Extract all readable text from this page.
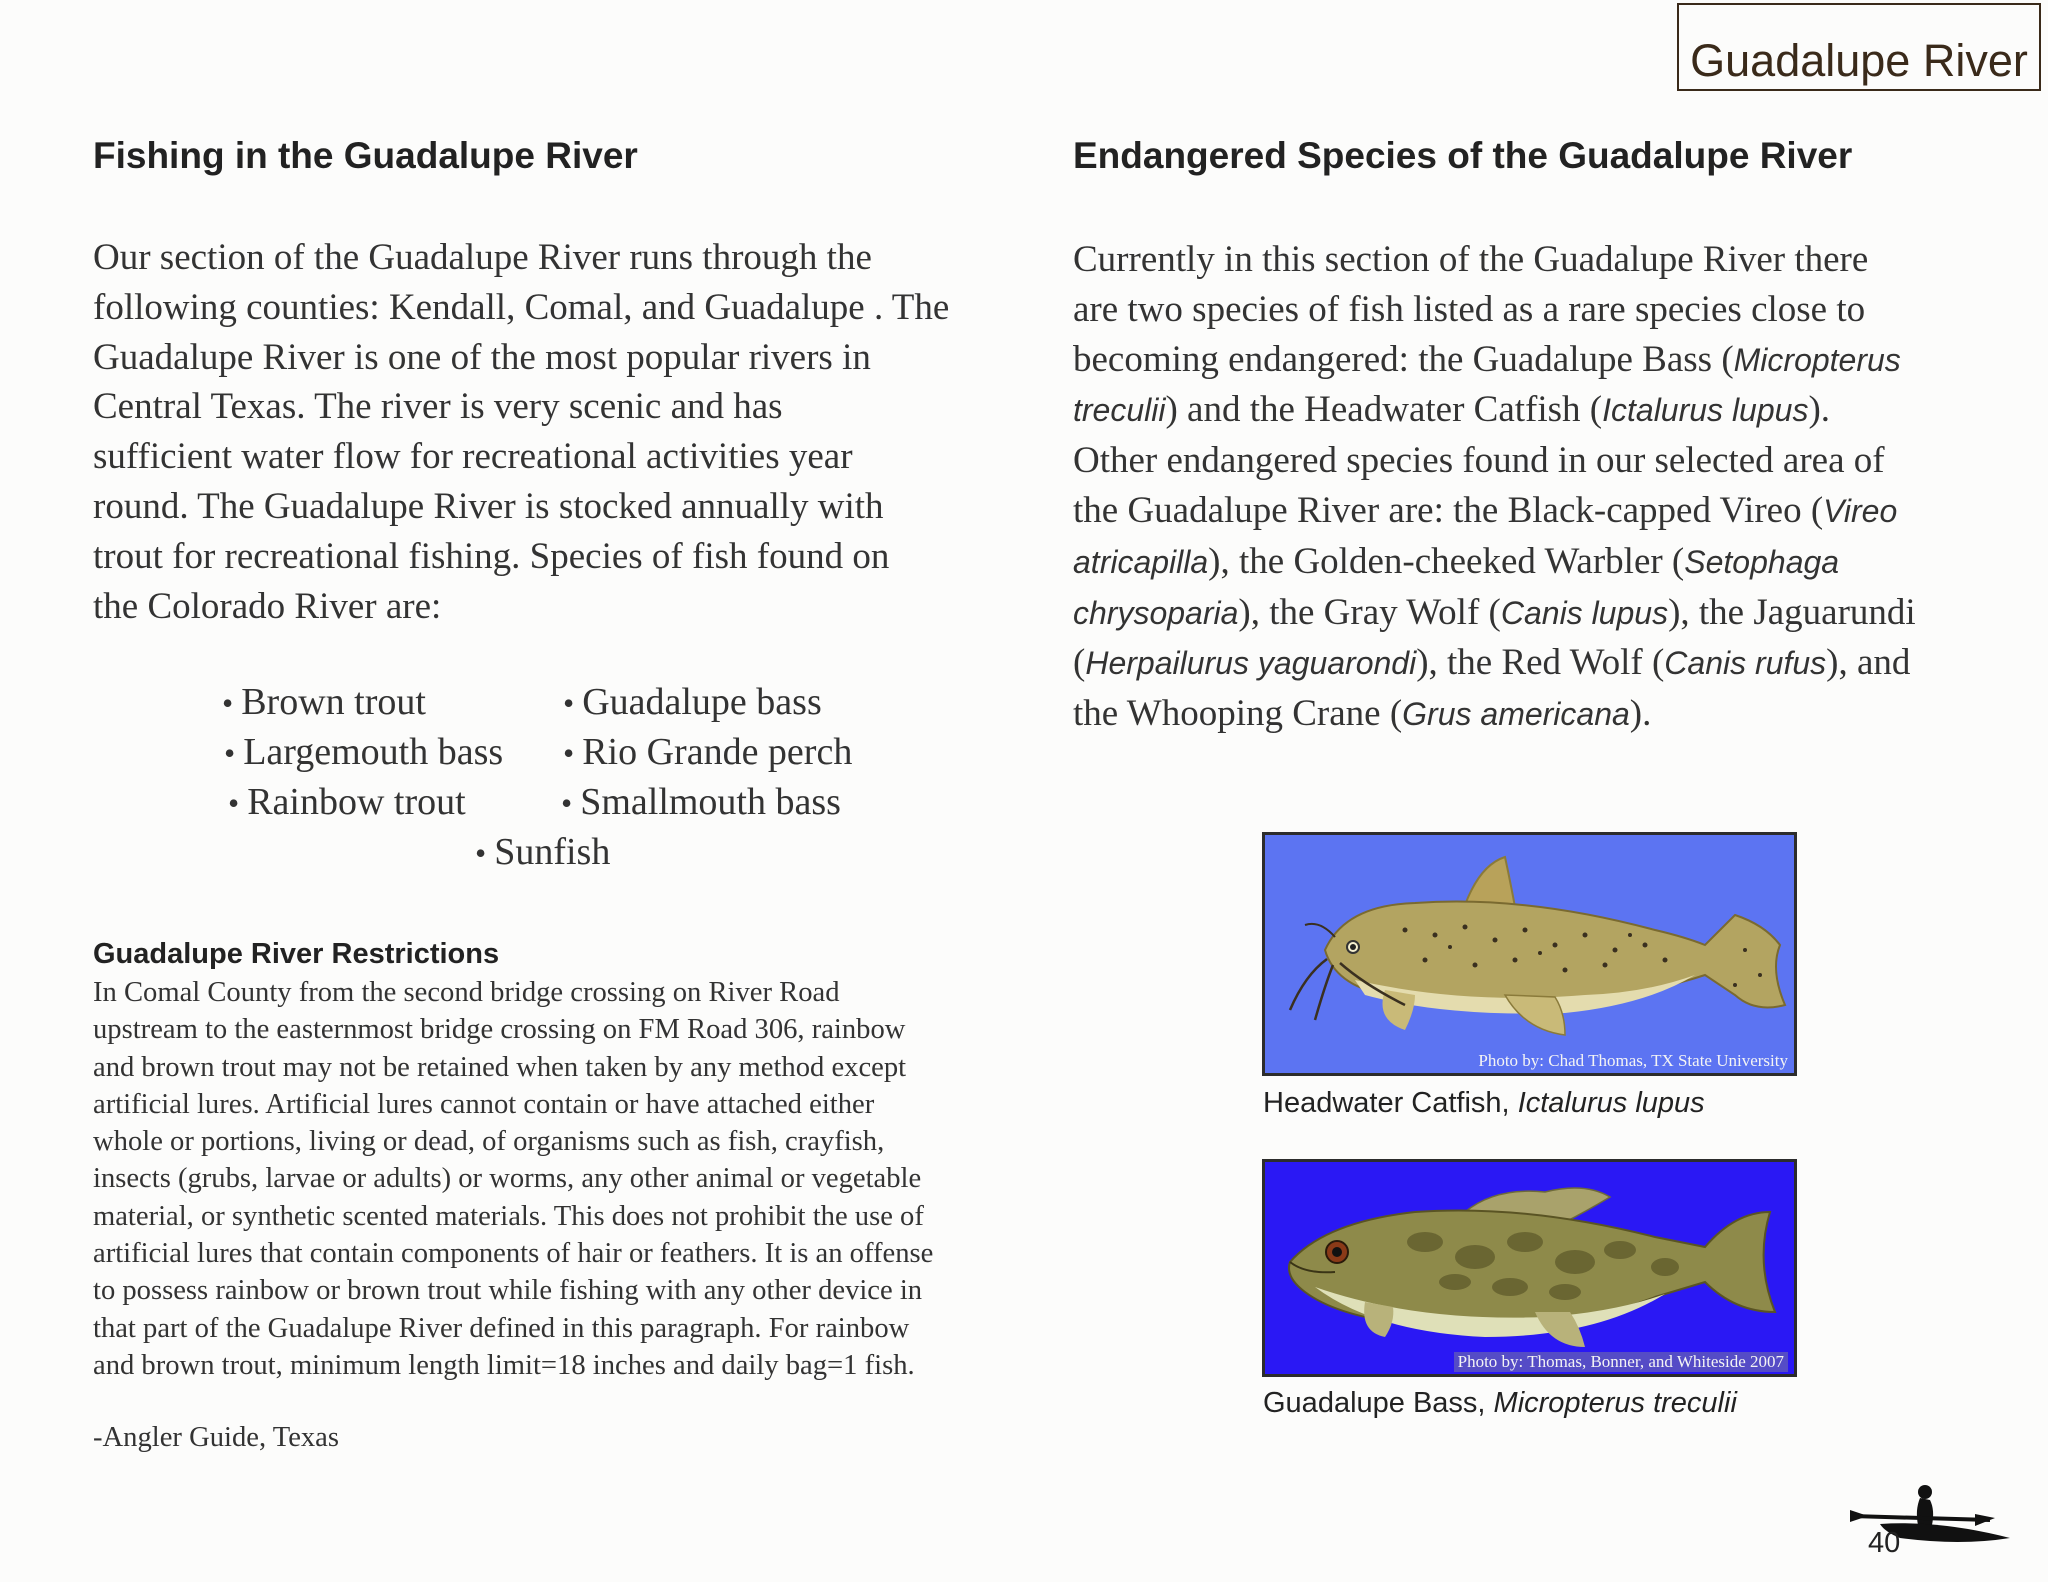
Guadalupe River
Fishing in the Guadalupe River

Our section of the Guadalupe River runs through the
following counties: Kendall, Comal, and Guadalupe . The
Guadalupe River is one of the most popular rivers in
Central Texas. The river is very scenic and has
sufficient water flow for recreational activities year
round. The Guadalupe River is stocked annually with
trout for recreational fishing. Species of fish found on
the Colorado River are:

• Brown trout	• Guadalupe bass
• Largemouth bass • Rio Grande perch
• Rainbow trout	• Smallmouth bass
• Sunfish
Guadalupe River Restrictions

In Comal County from the second bridge crossing on River Road
upstream to the easternmost bridge crossing on FM Road 306, rainbow
and brown trout may not be retained when taken by any method except
artificial lures. Artificial lures cannot contain or have attached either
whole or portions, living or dead, of organisms such as fish, crayfish,
insects (grubs, larvae or adults) or worms, any other animal or vegetable
material, or synthetic scented materials. This does not prohibit the use of
artificial lures that contain components of hair or feathers. It is an offense
to possess rainbow or brown trout while fishing with any other device in
that part of the Guadalupe River defined in this paragraph. For rainbow
and brown trout, minimum length limit=18 inches and daily bag=1 fish.

-Angler Guide, Texas
Endangered Species of the Guadalupe River

Currently in this section of the Guadalupe River there
are two species of fish listed as a rare species close to
becoming endangered: the Guadalupe Bass (Micropterus
treculii) and the Headwater Catfish (Ictalurus lupus).
Other endangered species found in our selected area of
the Guadalupe River are: the Black-capped Vireo (Vireo
atricapilla), the Golden-cheeked Warbler (Setophaga
chrysoparia), the Gray Wolf (Canis lupus), the Jaguarundi
(Herpailurus yaguarondi), the Red Wolf (Canis rufus), and
the Whooping Crane (Grus americana).

Photo by: Chad Thomas, TX State University
Headwater Catfish, Ictalurus lupus
Photo by: Thomas, Bonner, and Whiteside 2007
Guadalupe Bass, Micropterus treculii
40
